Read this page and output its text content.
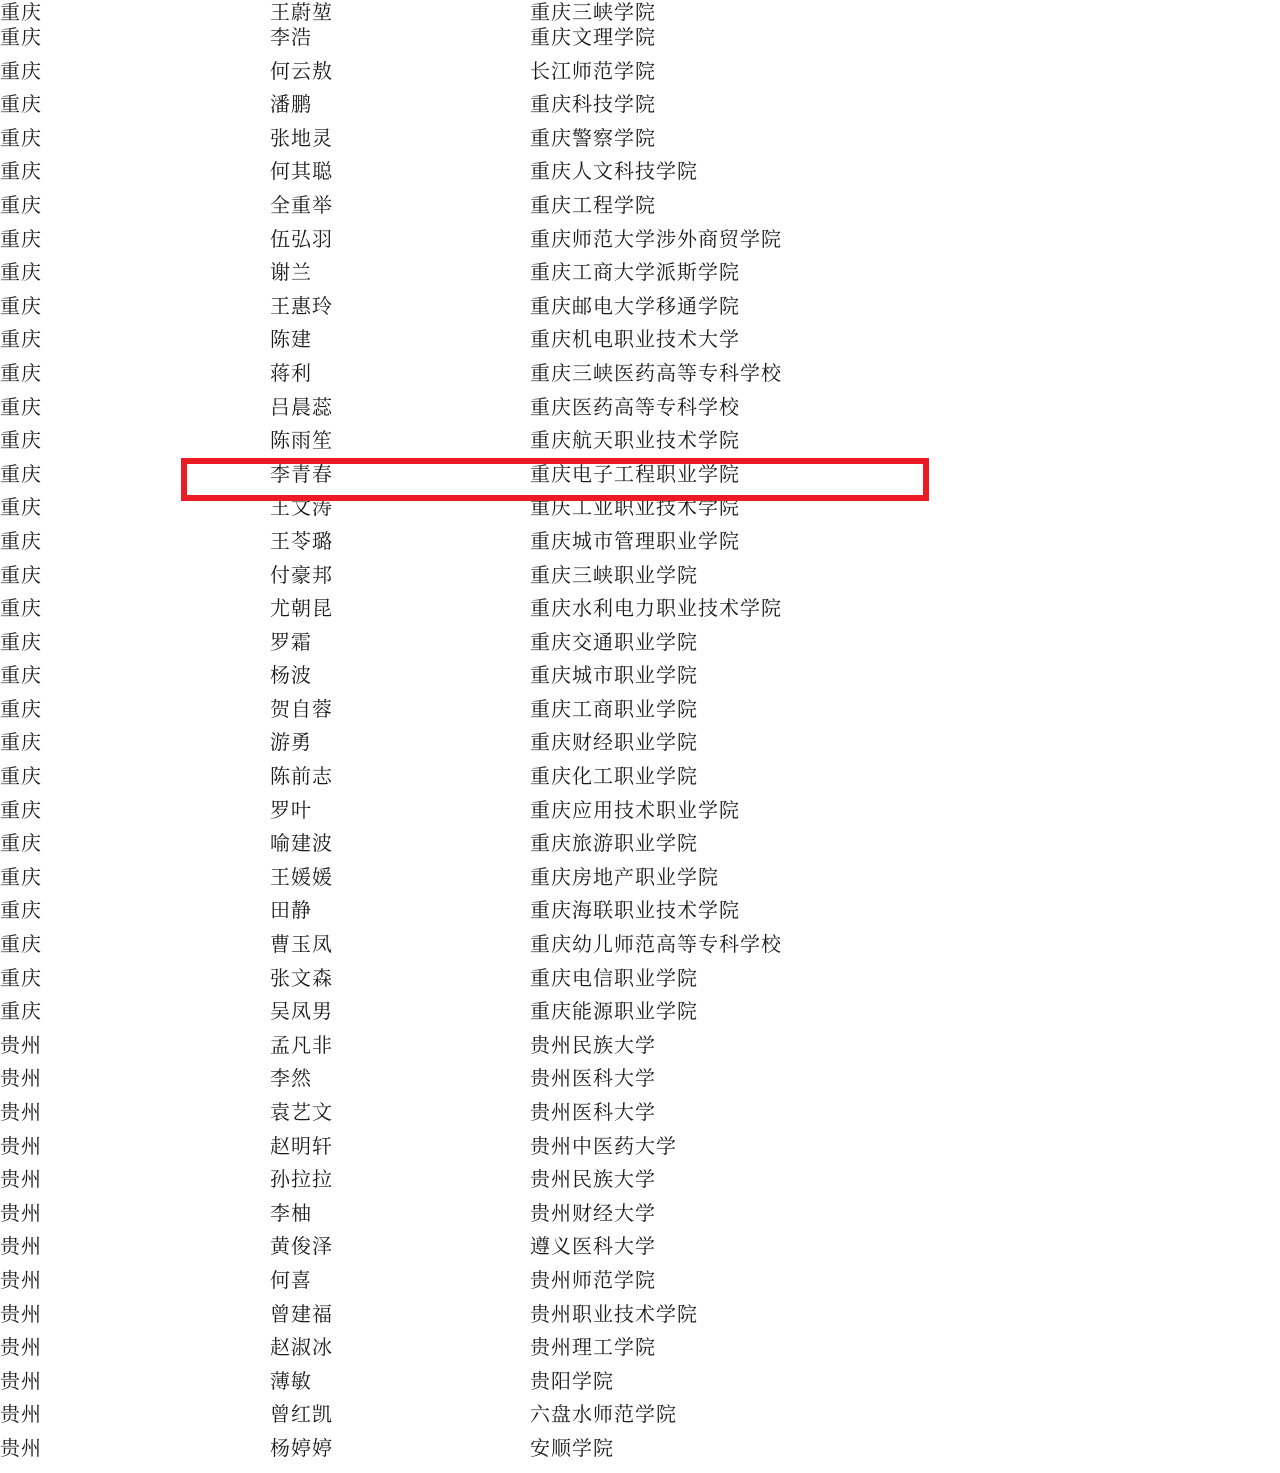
重庆	王蔚堃	重庆三峡学院
重庆	李浩	重庆文理学院
重庆	何云敖	长江师范学院
重庆	潘鹏	重庆科技学院
重庆	张地灵	重庆警察学院
重庆	何其聪	重庆人文科技学院
重庆	全重举	重庆工程学院
重庆	伍弘羽	重庆师范大学涉外商贸学院
重庆	谢兰	重庆工商大学派斯学院
重庆	王惠玲	重庆邮电大学移通学院
重庆	陈建	重庆机电职业技术大学
重庆	蒋利	重庆三峡医药高等专科学校
重庆	吕晨蕊	重庆医药高等专科学校
重庆	陈雨笙	重庆航天职业技术学院
重庆	李青春	重庆电子工程职业学院
重庆	王文涛	重庆工业职业技术学院
重庆	王苓璐	重庆城市管理职业学院
重庆	付豪邦	重庆三峡职业学院
重庆	尤朝昆	重庆水利电力职业技术学院
重庆	罗霜	重庆交通职业学院
重庆	杨波	重庆城市职业学院
重庆	贺自蓉	重庆工商职业学院
重庆	游勇	重庆财经职业学院
重庆	陈前志	重庆化工职业学院
重庆	罗叶	重庆应用技术职业学院
重庆	喻建波	重庆旅游职业学院
重庆	王媛媛	重庆房地产职业学院
重庆	田静	重庆海联职业技术学院
重庆	曹玉凤	重庆幼儿师范高等专科学校
重庆	张文森	重庆电信职业学院
重庆	吴凤男	重庆能源职业学院
贵州	孟凡非	贵州民族大学
贵州	李然	贵州医科大学
贵州	袁艺文	贵州医科大学
贵州	赵明轩	贵州中医药大学
贵州	孙拉拉	贵州民族大学
贵州	李柚	贵州财经大学
贵州	黄俊泽	遵义医科大学
贵州	何喜	贵州师范学院
贵州	曾建福	贵州职业技术学院
贵州	赵淑冰	贵州理工学院
贵州	薄敏	贵阳学院
贵州	曾红凯	六盘水师范学院
贵州	杨婷婷	安顺学院
